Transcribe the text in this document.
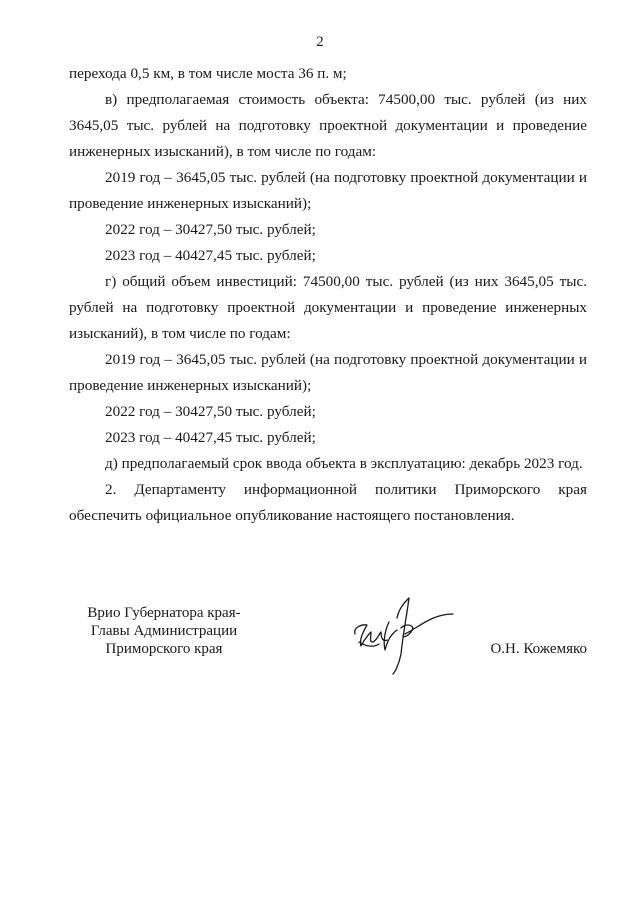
2

перехода 0,5 км, в том числе моста 36 п. м;

в) предполагаемая стоимость объекта: 74500,00 тыс. рублей (из них 3645,05 тыс. рублей на подготовку проектной документации и проведение инженерных изысканий), в том числе по годам:

2019 год – 3645,05 тыс. рублей (на подготовку проектной документации и проведение инженерных изысканий);

2022 год – 30427,50 тыс. рублей;

2023 год – 40427,45 тыс. рублей;

г) общий объем инвестиций: 74500,00 тыс. рублей (из них 3645,05 тыс. рублей на подготовку проектной документации и проведение инженерных изысканий), в том числе по годам:

2019 год – 3645,05 тыс. рублей (на подготовку проектной документации и проведение инженерных изысканий);

2022 год – 30427,50 тыс. рублей;

2023 год – 40427,45 тыс. рублей;

д) предполагаемый срок ввода объекта в эксплуатацию: декабрь 2023 год.

2. Департаменту информационной политики Приморского края обеспечить официальное опубликование настоящего постановления.

Врио Губернатора края-
Главы Администрации
Приморского края	О.Н. Кожемяко
